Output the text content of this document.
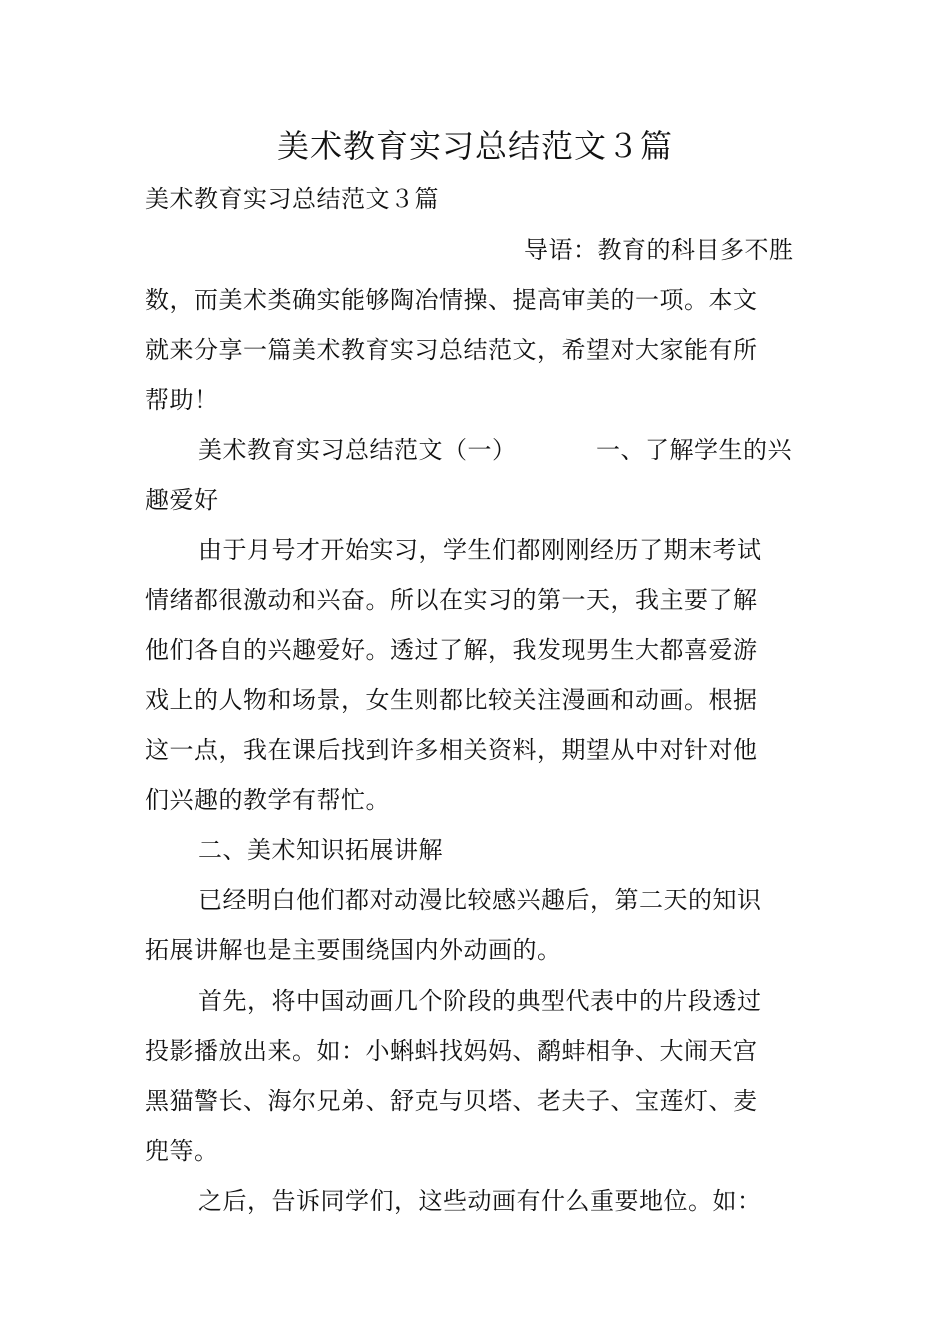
美术教育实习总结范文３篇
美术教育实习总结范文３篇
导语：教育的科目多不胜
数，而美术类确实能够陶冶情操、提高审美的一项。本文
就来分享一篇美术教育实习总结范文，希望对大家能有所
帮助！
美术教育实习总结范文（一）	一、了解学生的兴
趣爱好
由于月号才开始实习，学生们都刚刚经历了期末考试
情绪都很激动和兴奋。所以在实习的第一天，我主要了解
他们各自的兴趣爱好。透过了解，我发现男生大都喜爱游
戏上的人物和场景，女生则都比较关注漫画和动画。根据
这一点，我在课后找到许多相关资料，期望从中对针对他
们兴趣的教学有帮忙。
二、美术知识拓展讲解
已经明白他们都对动漫比较感兴趣后，第二天的知识
拓展讲解也是主要围绕国内外动画的。
首先，将中国动画几个阶段的典型代表中的片段透过
投影播放出来。如：小蝌蚪找妈妈、鹬蚌相争、大闹天宫
黑猫警长、海尔兄弟、舒克与贝塔、老夫子、宝莲灯、麦
兜等。
之后，告诉同学们，这些动画有什么重要地位。如：
